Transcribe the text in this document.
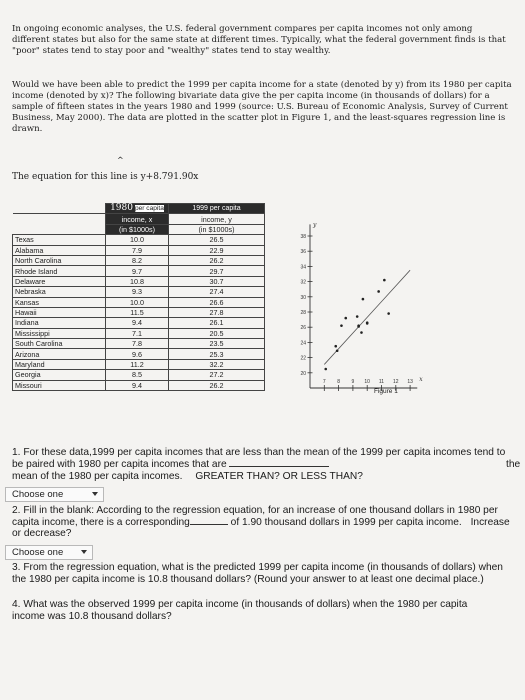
In ongoing economic analyses, the U.S. federal government compares per capita incomes not only among different states but also for the same state at different times. Typically, what the federal government finds is that "poor" states tend to stay poor and "wealthy" states tend to stay wealthy.

Would we have been able to predict the 1999 per capita income for a state (denoted by y) from its 1980 per capita income (denoted by x)? The following bivariate data give the per capita income (in thousands of dollars) for a sample of fifteen states in the years 1980 and 1999 (source: U.S. Bureau of Economic Analysis, Survey of Current Business, May 2000). The data are plotted in the scatter plot in Figure 1, and the least-squares regression line is drawn.

^

The equation for this line is y+8.791.90x

	1980 per capita	1999 per capita
	income, x	income, y
	(in $1000s)	(in $1000s)
Texas	10.0	26.5
Alabama	7.9	22.9
North Carolina	8.2	26.2
Rhode Island	9.7	29.7
Delaware	10.8	30.7
Nebraska	9.3	27.4
Kansas	10.0	26.6
Hawaii	11.5	27.8
Indiana	9.4	26.1
Mississippi	7.1	20.5
South Carolina	7.8	23.5
Arizona	9.6	25.3
Maryland	11.2	32.2
Georgia	8.5	27.2
Missouri	9.4	26.2
20
22
24
26
28
30
32
34
36
38
7 8 9 10 11 12 13 x
y
Figure 1
1. For these data,1999 per capita incomes that are less than the mean of the 1999 per capita incomes tend to be paired with 1980 per capita incomes that are	the
mean of the 1980 per capita incomes. GREATER THAN? OR LESS THAN?
Choose one
2. Fill in the blank: According to the regression equation, for an increase of one thousand dollars in 1980 per capita income, there is a corresponding	of 1.90 thousand dollars in 1999 per capita income. Increase or decrease?
Choose one

3. From the regression equation, what is the predicted 1999 per capita income (in thousands of dollars) when the 1980 per capita income is 10.8 thousand dollars? (Round your answer to at least one decimal place.)

4. What was the observed 1999 per capita income (in thousands of dollars) when the 1980 per capita income was 10.8 thousand dollars?
